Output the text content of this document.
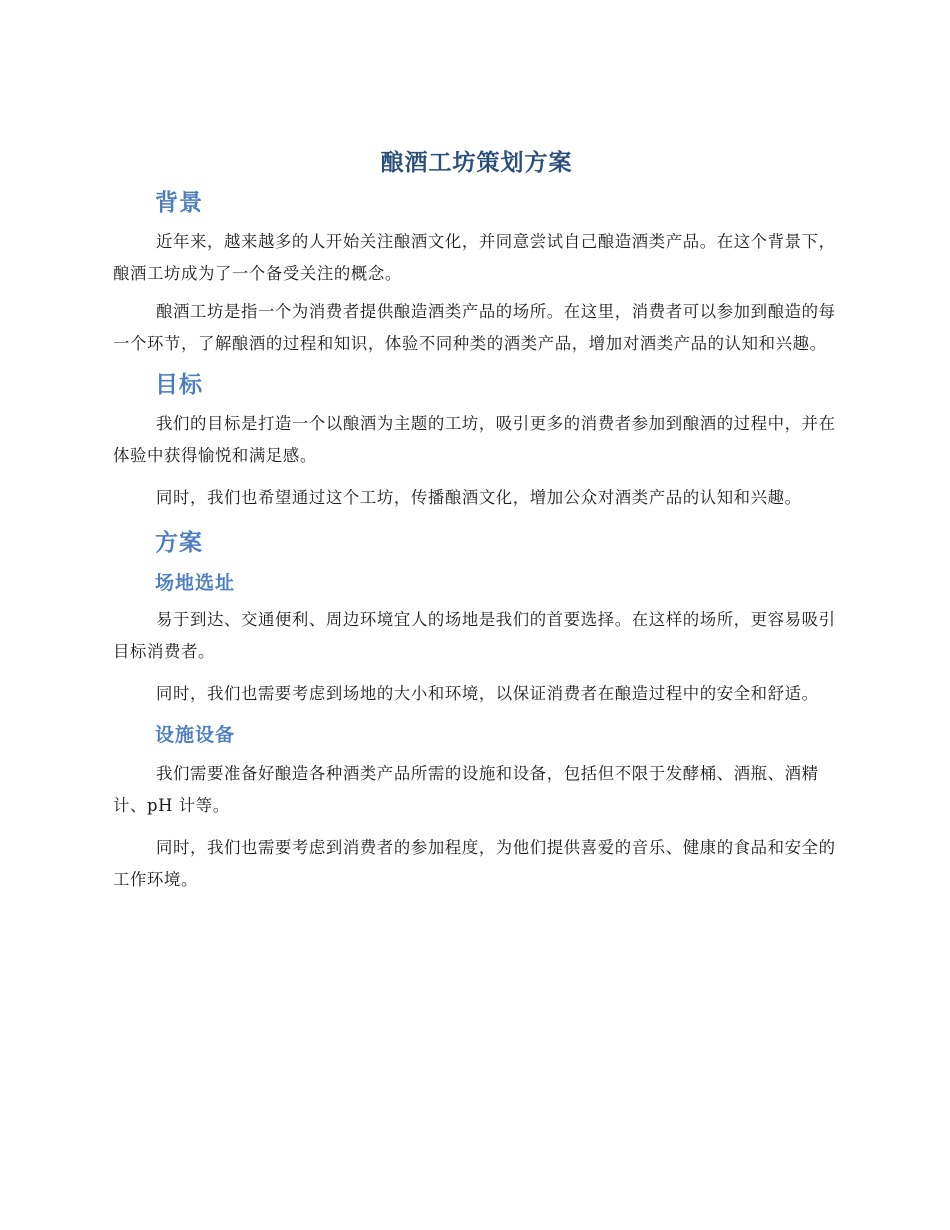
酿酒工坊策划方案
背景

近年来，越来越多的人开始关注酿酒文化，并同意尝试自己酿造酒类产品。在这个背景下，酿酒工坊成为了一个备受关注的概念。

酿酒工坊是指一个为消费者提供酿造酒类产品的场所。在这里，消费者可以参加到酿造的每一个环节，了解酿酒的过程和知识，体验不同种类的酒类产品，增加对酒类产品的认知和兴趣。

目标

我们的目标是打造一个以酿酒为主题的工坊，吸引更多的消费者参加到酿酒的过程中，并在体验中获得愉悦和满足感。

同时，我们也希望通过这个工坊，传播酿酒文化，增加公众对酒类产品的认知和兴趣。

方案
场地选址

易于到达、交通便利、周边环境宜人的场地是我们的首要选择。在这样的场所，更容易吸引目标消费者。

同时，我们也需要考虑到场地的大小和环境，以保证消费者在酿造过程中的安全和舒适。

设施设备

我们需要准备好酿造各种酒类产品所需的设施和设备，包括但不限于发酵桶、酒瓶、酒精计、pH 计等。

同时，我们也需要考虑到消费者的参加程度，为他们提供喜爱的音乐、健康的食品和安全的工作环境。
